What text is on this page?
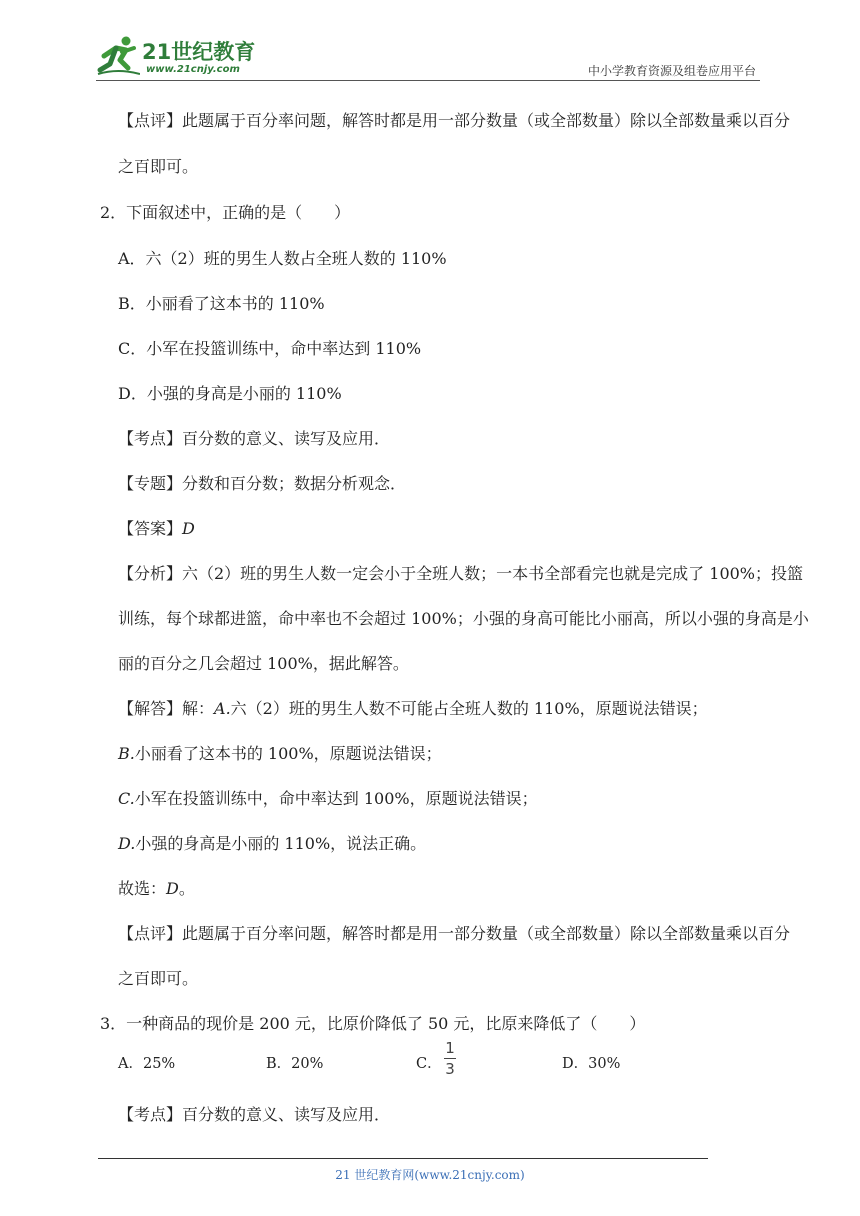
21世纪教育
www.21cnjy.com	中小学教育资源及组卷应用平台
【点评】此题属于百分率问题，解答时都是用一部分数量（或全部数量）除以全部数量乘以百分
之百即可。
2．下面叙述中，正确的是（　　）
A．六（2）班的男生人数占全班人数的 110%
B．小丽看了这本书的 110%
C．小军在投篮训练中，命中率达到 110%
D．小强的身高是小丽的 110%
【考点】百分数的意义、读写及应用．
【专题】分数和百分数；数据分析观念．
【答案】D
【分析】六（2）班的男生人数一定会小于全班人数；一本书全部看完也就是完成了 100%；投篮
训练，每个球都进篮，命中率也不会超过 100%；小强的身高可能比小丽高，所以小强的身高是小
丽的百分之几会超过 100%，据此解答。
【解答】解：A.六（2）班的男生人数不可能占全班人数的 110%，原题说法错误；
B.小丽看了这本书的 100%，原题说法错误；
C.小军在投篮训练中，命中率达到 100%，原题说法错误；
D.小强的身高是小丽的 110%，说法正确。
故选：D。
【点评】此题属于百分率问题，解答时都是用一部分数量（或全部数量）除以全部数量乘以百分
之百即可。
3．一种商品的现价是 200 元，比原价降低了 50 元，比原来降低了（　　）
A．25%	B．20%	C．
1
3	D．30%
【考点】百分数的意义、读写及应用．
21 世纪教育网(www.21cnjy.com)
